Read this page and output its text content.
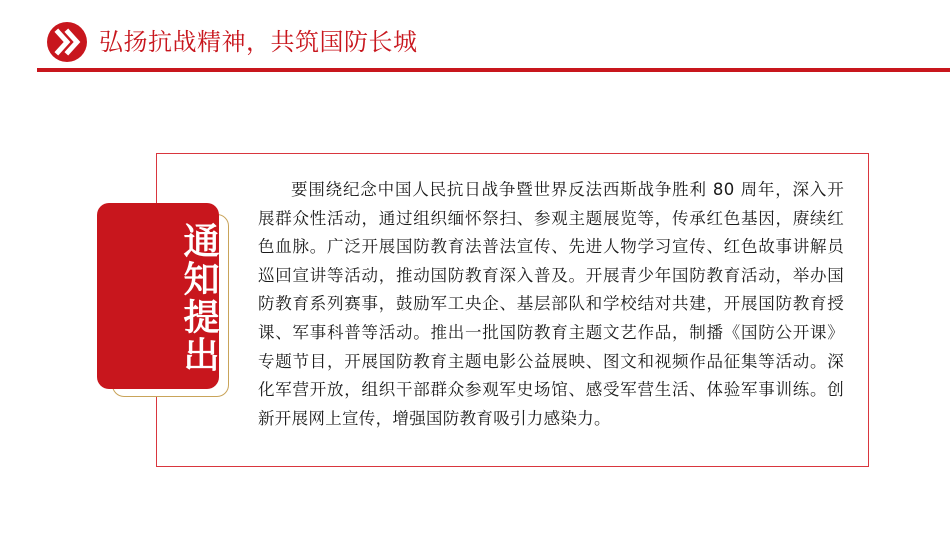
弘扬抗战精神，共筑国防长城
通知提出

要围绕纪念中国人民抗日战争暨世界反法西斯战争胜利 80 周年，深入开展群众性活动，通过组织缅怀祭扫、参观主题展览等，传承红色基因，赓续红色血脉。广泛开展国防教育法普法宣传、先进人物学习宣传、红色故事讲解员巡回宣讲等活动，推动国防教育深入普及。开展青少年国防教育活动，举办国防教育系列赛事，鼓励军工央企、基层部队和学校结对共建，开展国防教育授课、军事科普等活动。推出一批国防教育主题文艺作品，制播《国防公开课》专题节目，开展国防教育主题电影公益展映、图文和视频作品征集等活动。深化军营开放，组织干部群众参观军史场馆、感受军营生活、体验军事训练。创新开展网上宣传，增强国防教育吸引力感染力。
